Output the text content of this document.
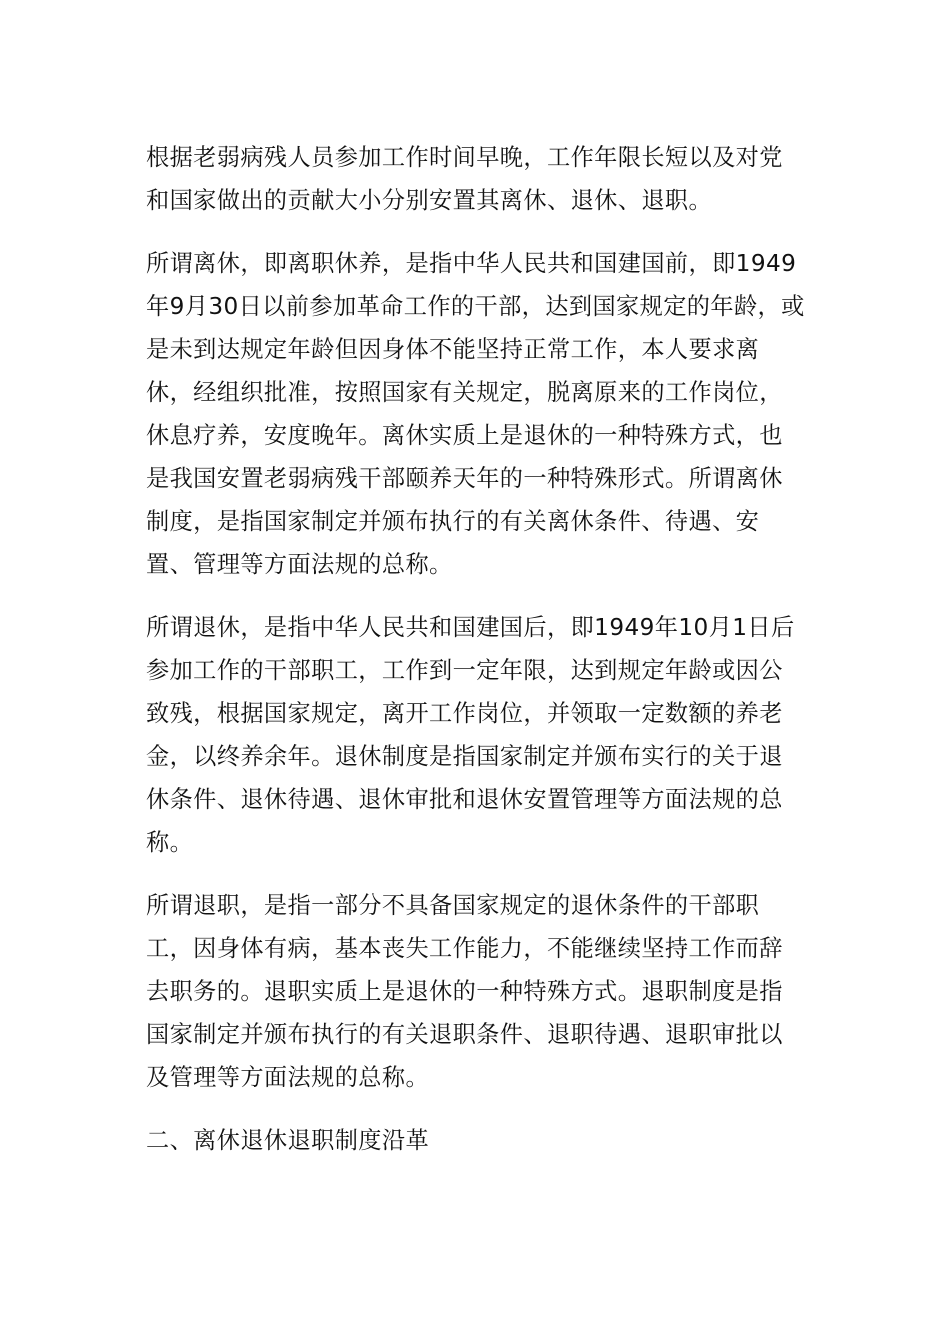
根据老弱病残人员参加工作时间早晚，工作年限长短以及对党和国家做出的贡献大小分别安置其离休、退休、退职。

所谓离休，即离职休养，是指中华人民共和国建国前，即1949年9月30日以前参加革命工作的干部，达到国家规定的年龄，或是未到达规定年龄但因身体不能坚持正常工作，本人要求离休，经组织批准，按照国家有关规定，脱离原来的工作岗位，休息疗养，安度晚年。离休实质上是退休的一种特殊方式，也是我国安置老弱病残干部颐养天年的一种特殊形式。所谓离休制度，是指国家制定并颁布执行的有关离休条件、待遇、安置、管理等方面法规的总称。

所谓退休，是指中华人民共和国建国后，即1949年10月1日后参加工作的干部职工，工作到一定年限，达到规定年龄或因公致残，根据国家规定，离开工作岗位，并领取一定数额的养老金，以终养余年。退休制度是指国家制定并颁布实行的关于退休条件、退休待遇、退休审批和退休安置管理等方面法规的总称。

所谓退职，是指一部分不具备国家规定的退休条件的干部职工，因身体有病，基本丧失工作能力，不能继续坚持工作而辞去职务的。退职实质上是退休的一种特殊方式。退职制度是指国家制定并颁布执行的有关退职条件、退职待遇、退职审批以及管理等方面法规的总称。

二、离休退休退职制度沿革
